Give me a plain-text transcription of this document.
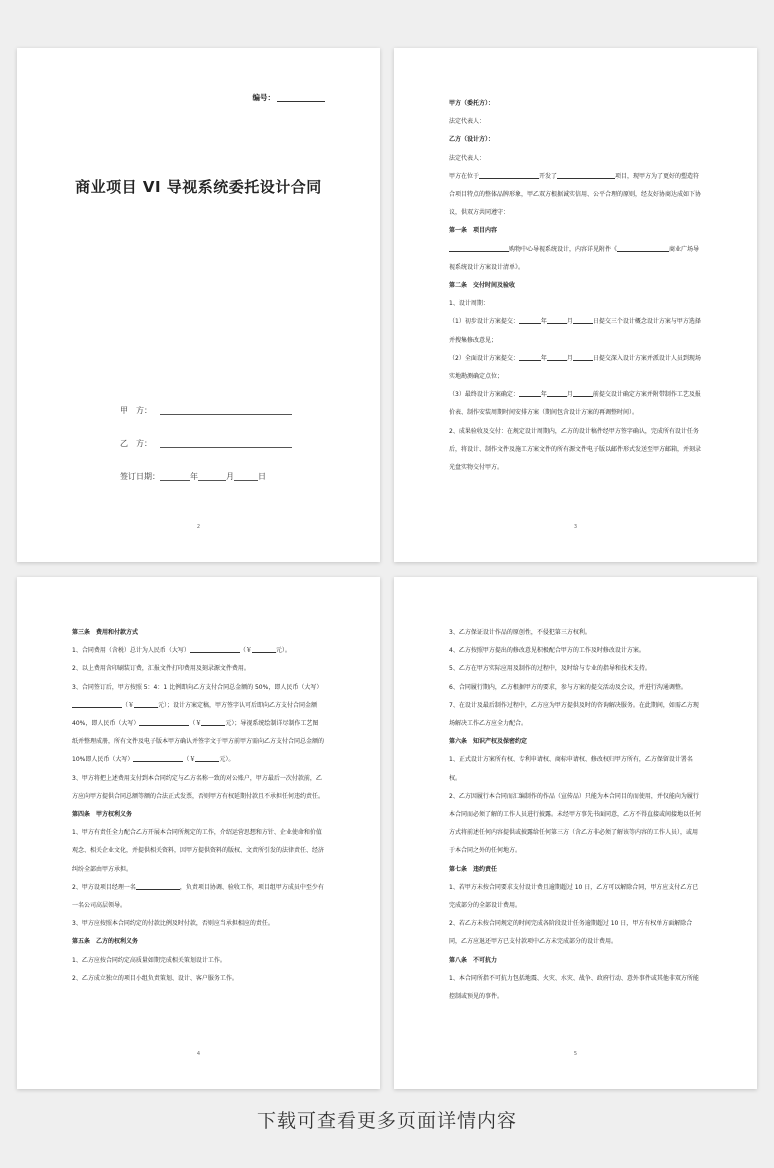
编号：
商业项目 VI 导视系统委托设计合同
甲　方：
乙　方：
签订日期：	年	月	日
2

甲方（委托方）：

法定代表人：

乙方（设计方）：

法定代表人：

甲方在位于	开发了	项目，现甲方为了更好的塑造符合项目特点的整体品牌形象，甲乙双方根据诚实信用、公平合理的原则，经友好协商达成如下协议，供双方共同遵守：

第一条　项目内容

购物中心导视系统设计，内容详见附件《	商业广场导视系统设计方案设计清单》。

第二条　交付时间及验收

1、设计周期：

（1）初步设计方案提交：	年	月	日提交三个设计概念设计方案与甲方选择并搜集修改意见；

（2）全面设计方案提交：	年	月	日提交深入设计方案并派设计人员到现场实地勘测确定点位；

（3）最终设计方案确定：	年	月	前提交设计确定方案并附带制作工艺及报价表、制作安装周期时间安排方案（期间包含设计方案的再调整时间）。

2、成果验收及交付：在规定设计周期内，乙方的设计稿件经甲方签字确认，完成所有设计任务后，将设计、制作文件及施工方案文件的所有源文件电子版以邮件形式发送至甲方邮箱，并刻录光盘实物交付甲方。

3

第三条　费用和付款方式

1、合同费用（含税）总计为人民币（大写）	（￥	元）。

2、以上费用含印刷装订费，汇报文件打印费用及刻录源文件费用。

3、合同签订后，甲方按照 5：4：1 比例即向乙方支付合同总金额的 50%，即人民币（大写）（￥	元）；设计方案定稿，甲方签字认可后即向乙方支付合同金额 40%，即人民币（大写）	（￥	元）；导视系统绘制详尽制作工艺图纸并整理成册，所有文件及电子版本甲方确认并签字文于甲方前甲方需向乙方支付合同总金额的 10%即人民币（大写）	（￥	元）。

3、甲方将把上述费用支付到本合同约定与乙方名称一致的对公账户，甲方最后一次付款前，乙方应向甲方提供合同总额等额的合法正式发票，否则甲方有权延期付款且不承担任何违约责任。

第四条　甲方权利义务

1、甲方有责任全力配合乙方开展本合同所规定的工作，介绍运营思想和方针、企业使命和价值观念、相关企业文化，并提供相关资料，因甲方提供资料的版权、文责所引发的法律责任、经济纠纷全部由甲方承担。

2、甲方设项目经理一名	，负责项目协调、验收工作，项目组甲方成员中至少有一名公司高层领导。

3、甲方应按照本合同约定的付款比例及时付款，否则应当承担相应的责任。

第五条　乙方的权利义务

1、乙方应按合同约定高质量如期完成相关策划设计工作。

2、乙方成立独立的项目小组负责策划、设计、客户服务工作。

4

3、乙方保证设计作品的原创性，不侵犯第三方权利。

4、乙方按照甲方提出的修改意见积极配合甲方的工作及时修改设计方案。

5、乙方在甲方实际应用及制作的过程中，及时给与专业的指导和技术支持。

6、合同履行期内，乙方根据甲方的要求，参与方案的提交活动及会议，并进行沟通调整。

7、在设计及最后制作过程中，乙方应为甲方提供及时的咨询解决服务。在此期间，如需乙方现场解决工作乙方应全力配合。

第六条　知识产权及保密约定

1、正式设计方案所有权、专利申请权、商标申请权、修改权归甲方所有，乙方保留设计署名权。

2、乙方因履行本合同而汇编制作的作品（宣传品）只能为本合同目的而使用，并仅能向为履行本合同而必须了解的工作人员进行披露。未经甲方事先书面同意，乙方不得直接或间接地以任何方式将前述任何内容提供或披露给任何第三方（含乙方非必须了解该等内容的工作人员），或用于本合同之外的任何地方。

第七条　违约责任

1、若甲方未按合同要求支付设计费且逾期超过 10 日，乙方可以解除合同，甲方应支付乙方已完成部分的全部设计费用。

2、若乙方未按合同规定的时间完成各阶段设计任务逾期超过 10 日，甲方有权单方面解除合同，乙方应退还甲方已支付款项中乙方未完成部分的设计费用。

第八条　不可抗力

1、本合同所指不可抗力包括地震、火灾、水灾、战争、政府行动、意外事件或其他非双方所能控制或预见的事件。

5
下载可查看更多页面详情内容
